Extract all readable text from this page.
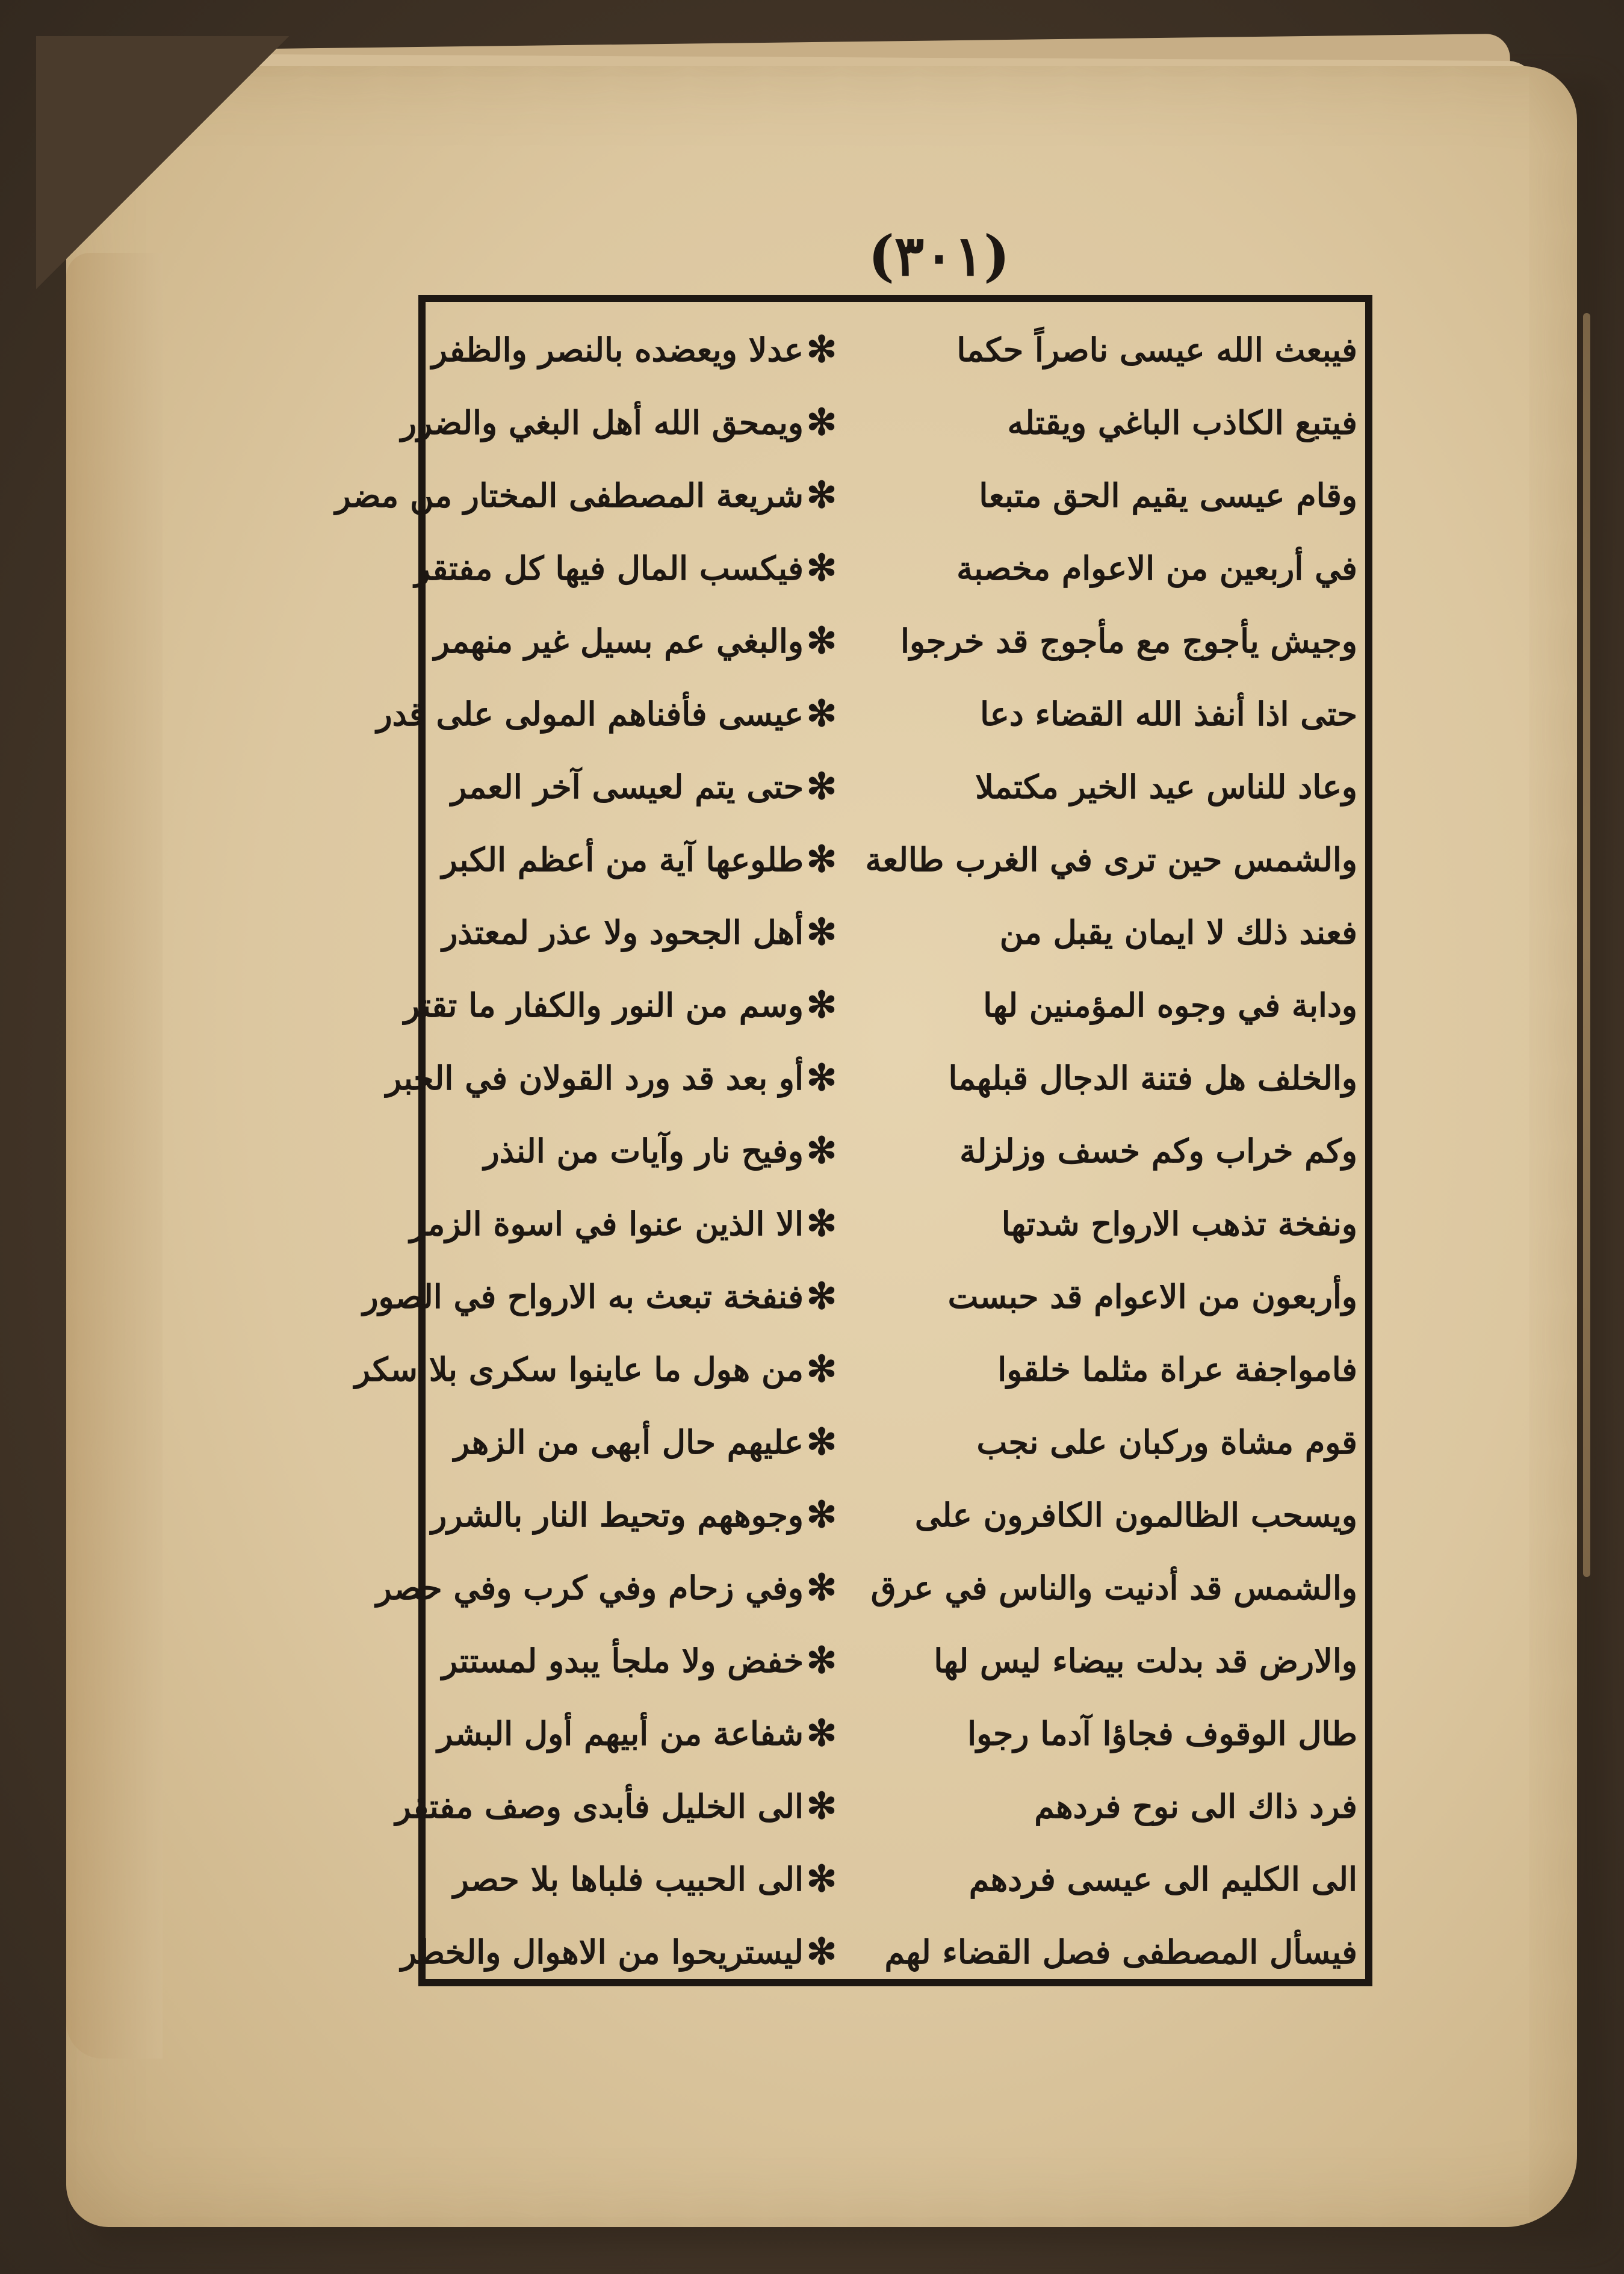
(٣٠١)
فيبعث الله عيسى ناصراً حكما
✻
عدلا ويعضده بالنصر والظفر
فيتبع الكاذب الباغي ويقتله
✻
ويمحق الله أهل البغي والضرر
وقام عيسى يقيم الحق متبعا
✻
شريعة المصطفى المختار من مضر
في أربعين من الاعوام مخصبة
✻
فيكسب المال فيها كل مفتقر
وجيش يأجوج مع مأجوج قد خرجوا
✻
والبغي عم بسيل غير منهمر
حتى اذا أنفذ الله القضاء دعا
✻
عيسى فأفناهم المولى على قدر
وعاد للناس عيد الخير مكتملا
✻
حتى يتم لعيسى آخر العمر
والشمس حين ترى في الغرب طالعة
✻
طلوعها آية من أعظم الكبر
فعند ذلك لا ايمان يقبل من
✻
أهل الجحود ولا عذر لمعتذر
ودابة في وجوه المؤمنين لها
✻
وسم من النور والكفار ما تقتر
والخلف هل فتنة الدجال قبلهما
✻
أو بعد قد ورد القولان في الخبر
وكم خراب وكم خسف وزلزلة
✻
وفيح نار وآيات من النذر
ونفخة تذهب الارواح شدتها
✻
الا الذين عنوا في اسوة الزمر
وأربعون من الاعوام قد حبست
✻
فنفخة تبعث به الارواح في الصور
فامواجفة عراة مثلما خلقوا
✻
من هول ما عاينوا سكرى بلا سكر
قوم مشاة وركبان على نجب
✻
عليهم حال أبهى من الزهر
ويسحب الظالمون الكافرون على
✻
وجوههم وتحيط النار بالشرر
والشمس قد أدنيت والناس في عرق
✻
وفي زحام وفي كرب وفي حصر
والارض قد بدلت بيضاء ليس لها
✻
خفض ولا ملجأ يبدو لمستتر
طال الوقوف فجاؤا آدما رجوا
✻
شفاعة من أبيهم أول البشر
فرد ذاك الى نوح فردهم
✻
الى الخليل فأبدى وصف مفتقر
الى الكليم الى عيسى فردهم
✻
الى الحبيب فلباها بلا حصر
فيسأل المصطفى فصل القضاء لهم
✻
ليستريحوا من الاهوال والخطر
